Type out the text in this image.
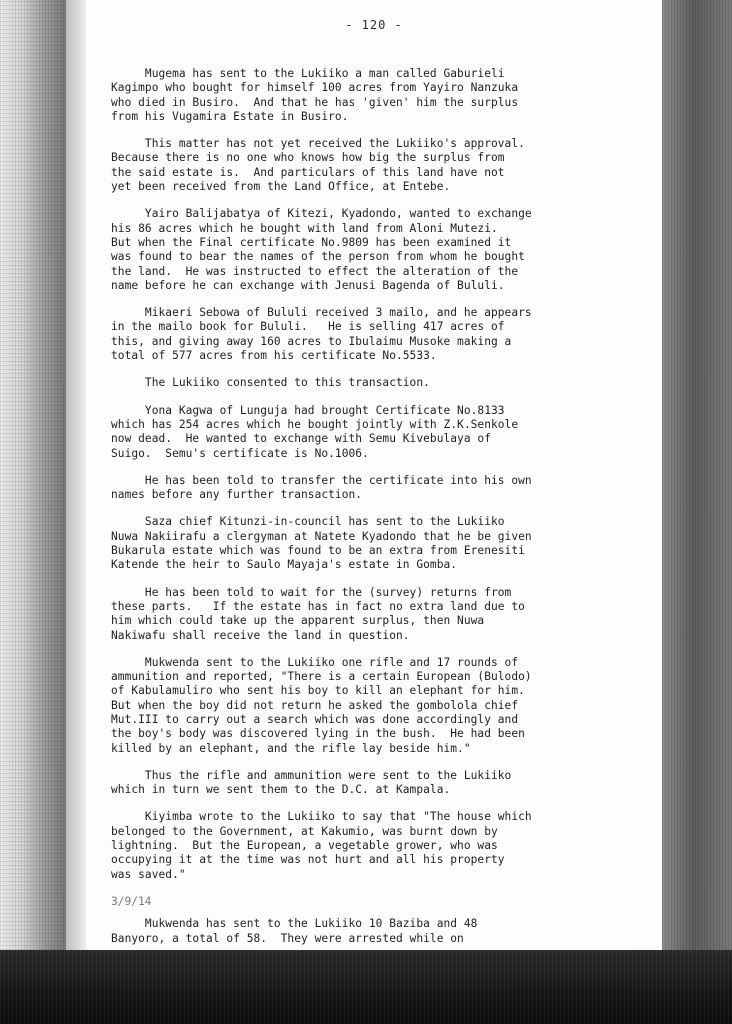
- 120 -
Mugema has sent to the Lukiiko a man called Gaburieli
Kagimpo who bought for himself 100 acres from Yayiro Nanzuka
who died in Busiro.  And that he has 'given' him the surplus
from his Vugamira Estate in Busiro.
This matter has not yet received the Lukiiko's approval.
Because there is no one who knows how big the surplus from
the said estate is.  And particulars of this land have not
yet been received from the Land Office, at Entebe.
Yairo Balijabatya of Kitezi, Kyadondo, wanted to exchange
his 86 acres which he bought with land from Aloni Mutezi.
But when the Final certificate No.9809 has been examined it
was found to bear the names of the person from whom he bought
the land.  He was instructed to effect the alteration of the
name before he can exchange with Jenusi Bagenda of Bululi.
Mikaeri Sebowa of Bululi received 3 mailo, and he appears
in the mailo book for Bululi.   He is selling 417 acres of
this, and giving away 160 acres to Ibulaimu Musoke making a
total of 577 acres from his certificate No.5533.
The Lukiiko consented to this transaction.
Yona Kagwa of Lunguja had brought Certificate No.8133
which has 254 acres which he bought jointly with Z.K.Senkole
now dead.  He wanted to exchange with Semu Kivebulaya of
Suigo.  Semu's certificate is No.1006.
He has been told to transfer the certificate into his own
names before any further transaction.
Saza chief Kitunzi-in-council has sent to the Lukiiko
Nuwa Nakiirafu a clergyman at Natete Kyadondo that he be given
Bukarula estate which was found to be an extra from Erenesiti
Katende the heir to Saulo Mayaja's estate in Gomba.
He has been told to wait for the (survey) returns from
these parts.   If the estate has in fact no extra land due to
him which could take up the apparent surplus, then Nuwa
Nakiwafu shall receive the land in question.
Mukwenda sent to the Lukiiko one rifle and 17 rounds of
ammunition and reported, "There is a certain European (Bulodo)
of Kabulamuliro who sent his boy to kill an elephant for him.
But when the boy did not return he asked the gombolola chief
Mut.III to carry out a search which was done accordingly and
the boy's body was discovered lying in the bush.  He had been
killed by an elephant, and the rifle lay beside him."
Thus the rifle and ammunition were sent to the Lukiiko
which in turn we sent them to the D.C. at Kampala.
Kiyimba wrote to the Lukiiko to say that "The house which
belonged to the Government, at Kakumio, was burnt down by
lightning.  But the European, a vegetable grower, who was
occupying it at the time was not hurt and all his property
was saved."
3/9/14
Mukwenda has sent to the Lukiiko 10 Baziba and 48
Banyoro, a total of 58.  They were arrested while on
